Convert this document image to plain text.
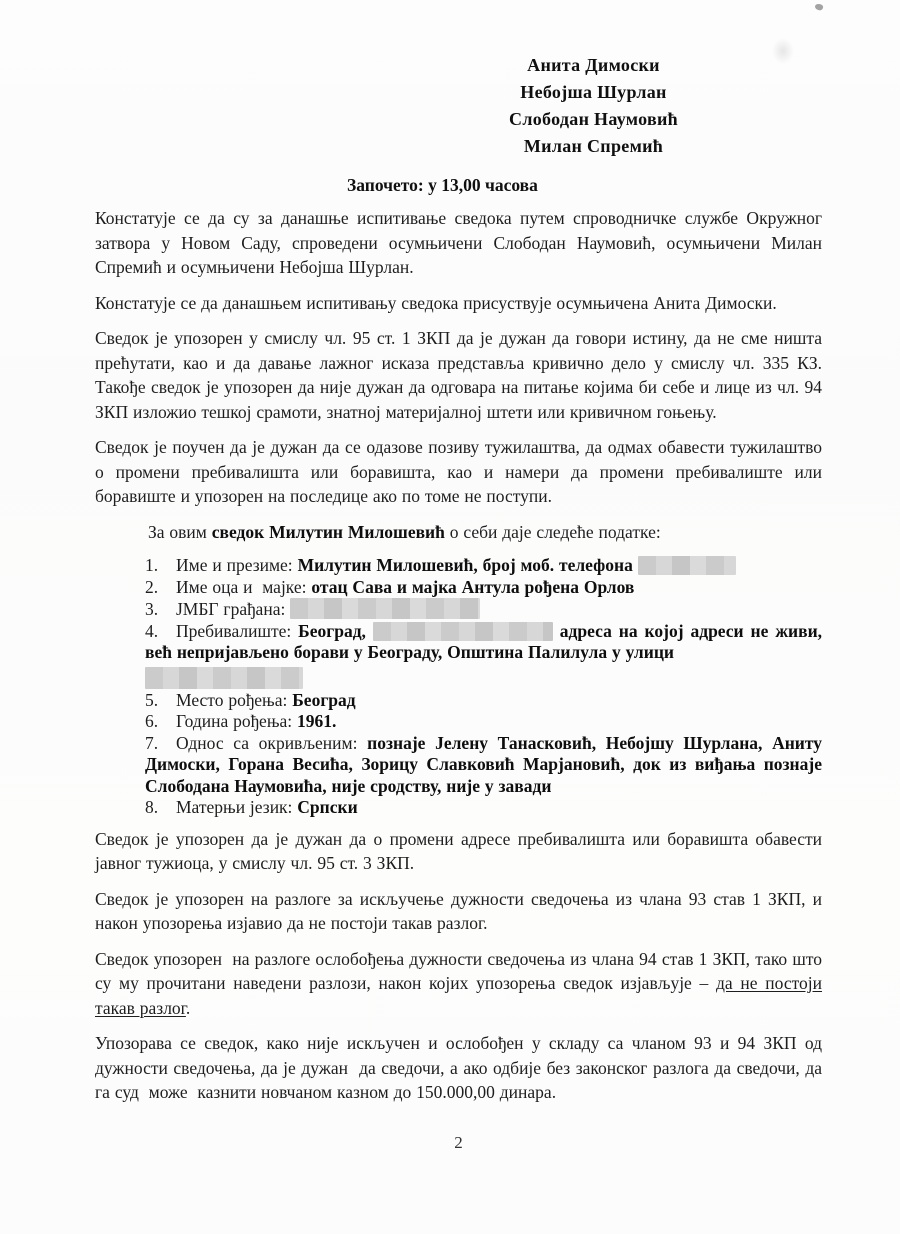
Анита Димоски
Небојша Шурлан
Слободан Наумовић
Милан Спремић
Започето: у 13,00 часова

Констатује се да су за данашње испитивање сведока путем спроводничке службе Окружног затвора у Новом Саду, спроведени осумњичени Слободан Наумовић, осумњичени Милан Спремић и осумњичени Небојша Шурлан.

Констатује се да данашњем испитивању сведока присуствује осумњичена Анита Димоски.

Сведок је упозорен у смислу чл. 95 ст. 1 ЗКП да је дужан да говори истину, да не сме ништа прећутати, као и да давање лажног исказа представља кривично дело у смислу чл. 335 КЗ. Такође сведок је упозорен да није дужан да одговара на питање којима би себе и лице из чл. 94 ЗКП изложио тешкој срамоти, знатној материјалној штети или кривичном гоњењу.

Сведок је поучен да је дужан да се одазове позиву тужилаштва, да одмах обавести тужилаштво о промени пребивалишта или боравишта, као и намери да промени пребивалиште или боравиште и упозорен на последице ако по томе не поступи.

За овим сведок Милутин Милошевић о себи даје следеће податке:

1. Име и презиме: Милутин Милошевић, број моб. телефона
2. Име оца и  мајке: отац Сава и мајка Антула рођена Орлов
3. ЈМБГ грађана:
4. Пребивалиште: Београд,	адреса на којој адреси не живи, већ непријављено борави у Београду, Општина Палилула у улици
5. Место рођења: Београд
6. Година рођења: 1961.
7. Однос са окривљеним: познаје Јелену Танасковић, Небојшу Шурлана, Аниту Димоски, Горана Весића, Зорицу Славковић Марјановић, док из виђања познаје Слободана Наумовића, није сродству, није у завади
8. Матерњи језик: Српски

Сведок је упозорен да је дужан да о промени адресе пребивалишта или боравишта обавести јавног тужиоца, у смислу чл. 95 ст. 3 ЗКП.

Сведок је упозорен на разлоге за искључење дужности сведочења из члана 93 став 1 ЗКП, и након упозорења изјавио да не постоји такав разлог.

Сведок упозорен  на разлоге ослобођења дужности сведочења из члана 94 став 1 ЗКП, тако што су му прочитани наведени разлози, након којих упозорења сведок изјављује – да не постоји такав разлог.

Упозорава се сведок, како није искључен и ослобођен у складу са чланом 93 и 94 ЗКП од дужности сведочења, да је дужан  да сведочи, а ако одбије без законског разлога да сведочи, да га суд  може  казнити новчаном казном до 150.000,00 динара.

2
